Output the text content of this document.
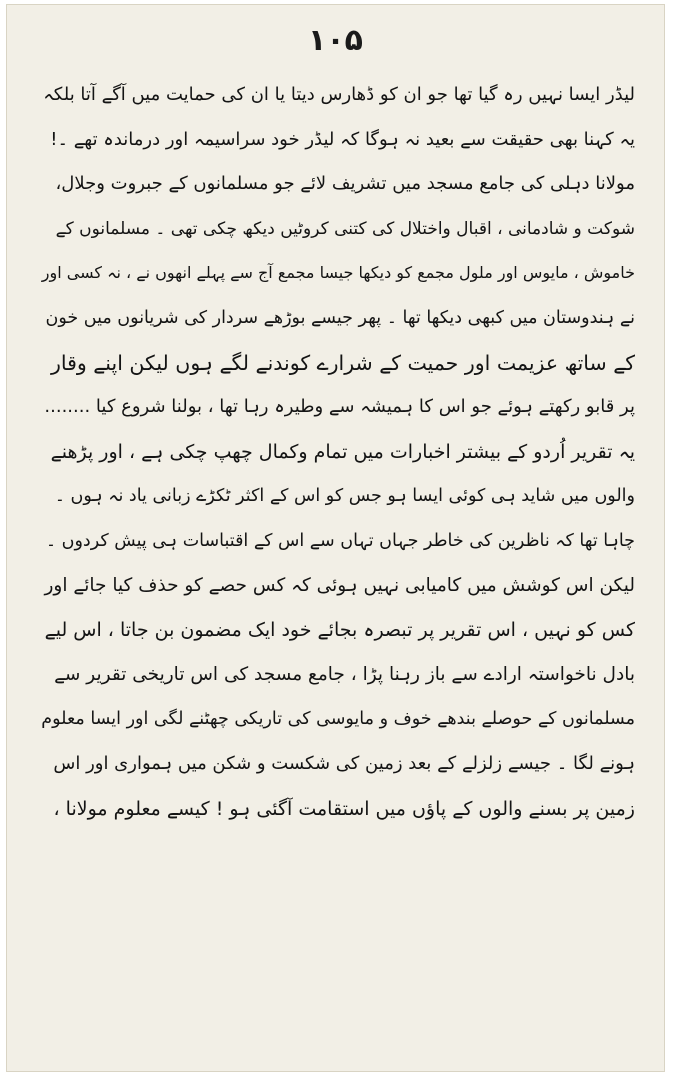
۱۰۵
لیڈر ایسا نہیں رہ گیا تھا جو ان کو ڈھارس دیتا یا ان کی حمایت میں آگے آتا بلکہ
یہ کہنا بھی حقیقت سے بعید نہ ہوگا کہ لیڈر خود سراسیمہ اور درماندہ تھے ۔!
مولانا دہلی کی جامع مسجد میں تشریف لائے جو مسلمانوں کے جبروت وجلال،
شوکت و شادمانی ، اقبال واختلال کی کتنی کروٹیں دیکھ چکی تھی ۔ مسلمانوں کے
خاموش ، مایوس اور ملول مجمع کو دیکھا جیسا مجمع آج سے پہلے انھوں نے ، نہ کسی اور
نے ہندوستان میں کبھی دیکھا تھا ۔ پھر جیسے بوڑھے سردار کی شریانوں میں خون
کے ساتھ عزیمت اور حمیت کے شرارے کوندنے لگے ہوں لیکن اپنے وقار
پر قابو رکھتے ہوئے جو اس کا ہمیشہ سے وطیرہ رہا تھا ، بولنا شروع کیا ........
یہ تقریر اُردو کے بیشتر اخبارات میں تمام وکمال چھپ چکی ہے ، اور پڑھنے
والوں میں شاید ہی کوئی ایسا ہو جس کو اس کے اکثر ٹکڑے زبانی یاد نہ ہوں ۔
چاہا تھا کہ ناظرین کی خاطر جہاں تہاں سے اس کے اقتباسات ہی پیش کردوں ۔
لیکن اس کوشش میں کامیابی نہیں ہوئی کہ کس حصے کو حذف کیا جائے اور
کس کو نہیں ، اس تقریر پر تبصرہ بجائے خود ایک مضمون بن جاتا ، اس لیے
بادل ناخواستہ ارادے سے باز رہنا پڑا ، جامع مسجد کی اس تاریخی تقریر سے
مسلمانوں کے حوصلے بندھے خوف و مایوسی کی تاریکی چھٹنے لگی اور ایسا معلوم
ہونے لگا ۔ جیسے زلزلے کے بعد زمین کی شکست و شکن میں ہمواری اور اس
زمین پر بسنے والوں کے پاؤں میں استقامت آگئی ہو ! کیسے معلوم مولانا ،
